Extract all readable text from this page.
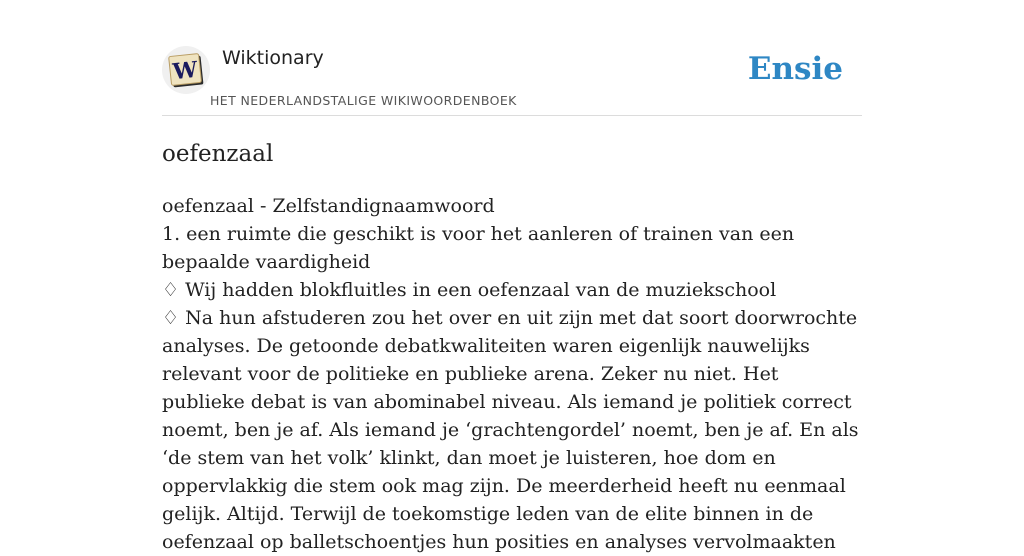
W Wiktionary
HET NEDERLANDSTALIGE WIKIWOORDENBOEK
Ensie
oefenzaal

oefenzaal - Zelfstandignaamwoord

1. een ruimte die geschikt is voor het aanleren of trainen van een bepaalde vaardigheid

♢ Wij hadden blokfluitles in een oefenzaal van de muziekschool

♢ Na hun afstuderen zou het over en uit zijn met dat soort doorwrochte analyses. De getoonde debatkwaliteiten waren eigenlijk nauwelijks relevant voor de politieke en publieke arena. Zeker nu niet. Het publieke debat is van abominabel niveau. Als iemand je politiek correct noemt, ben je af. Als iemand je ‘grachtengordel’ noemt, ben je af. En als ‘de stem van het volk’ klinkt, dan moet je luisteren, hoe dom en oppervlakkig die stem ook mag zijn. De meerderheid heeft nu eenmaal gelijk. Altijd. Terwijl de toekomstige leden van de elite binnen in de oefenzaal op balletschoentjes hun posities en analyses vervolmaakten
